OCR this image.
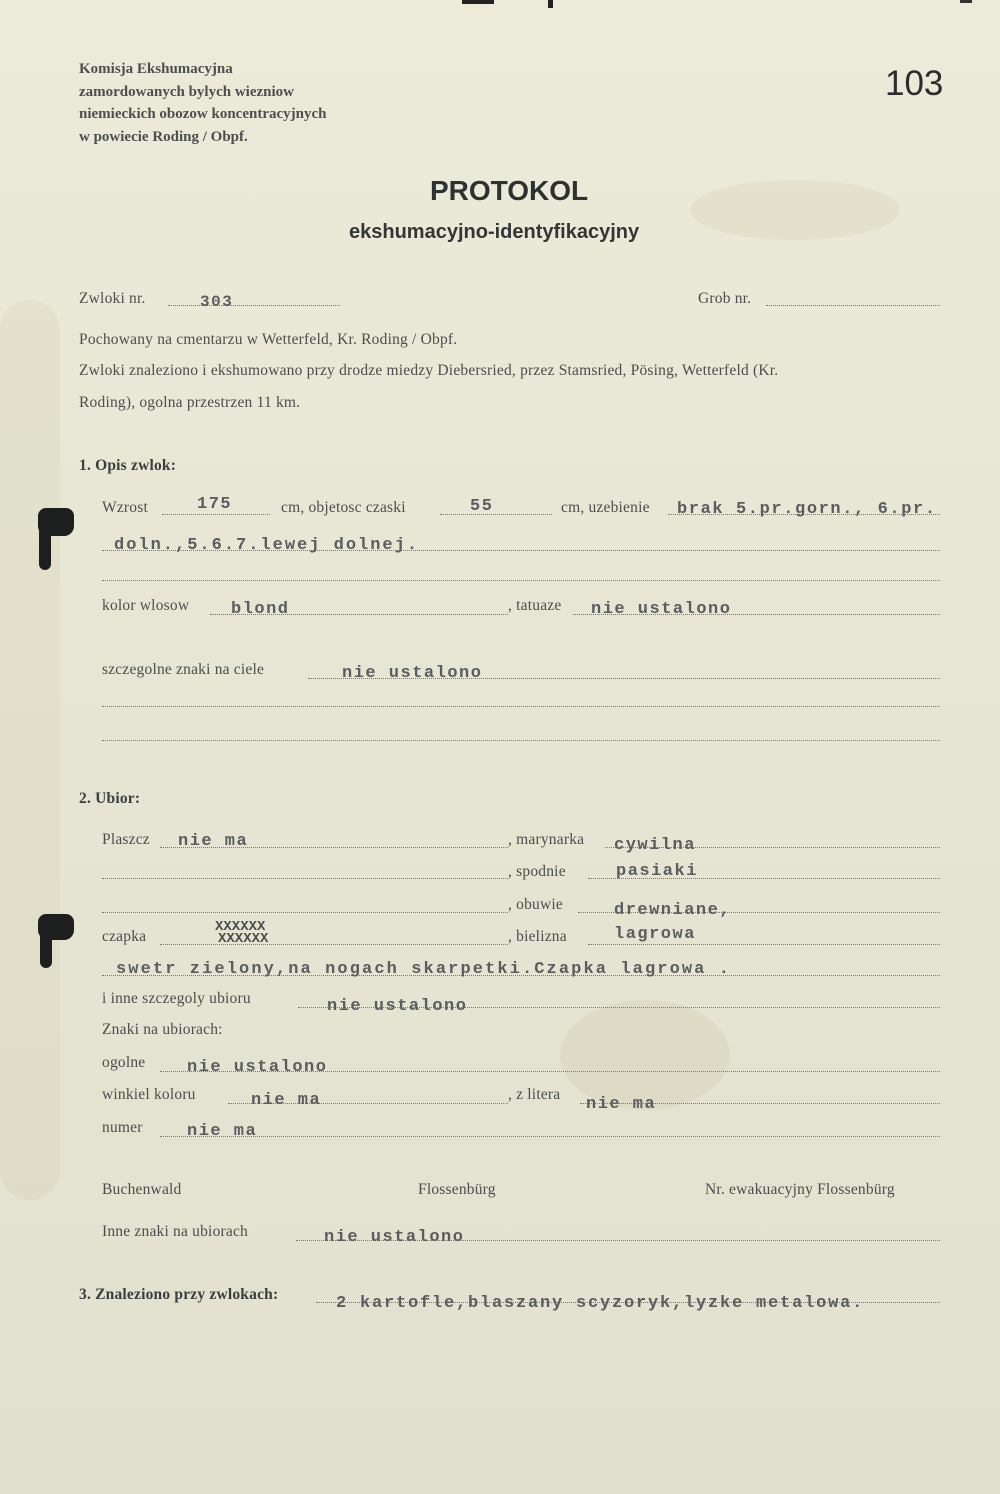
Komisja Ekshumacyjna
zamordowanych bylych wiezniow
niemieckich obozow koncentracyjnych
w powiecie Roding / Obpf.
103
PROTOKOL
ekshumacyjno-identyfikacyjny
Zwloki nr.	303	Grob nr.
Pochowany na cmentarzu w Wetterfeld, Kr. Roding / Obpf.
Zwloki znaleziono i ekshumowano przy drodze miedzy Diebersried, przez Stamsried, Pösing, Wetterfeld (Kr.
Roding), ogolna przestrzen 11 km.
1. Opis zwlok:
Wzrost	175	cm, objetosc czaski	55	cm, uzebienie brak 5.pr.gorn., 6.pr.
doln.,5.6.7.lewej dolnej.
kolor wlosow blond	, tatuaze nie ustalono
szczegolne znaki na ciele	nie ustalono
2. Ubior:
Plaszcz nie ma	, marynarka cywilna
, spodnie	pasiaki
, obuwie	drewniane,
czapka
XXXXXX
XXXXXX	, bielizna	lagrowa
swetr zielony,na nogach skarpetki.Czapka lagrowa .
i inne szczegoly ubioru	nie ustalono
Znaki na ubiorach:
ogolne nie ustalono
winkiel koloru	nie ma	, z litera
nie ma
numer	nie ma
Buchenwald	Flossenbürg	Nr. ewakuacyjny Flossenbürg
Inne znaki na ubiorach	nie ustalono
3. Znaleziono przy zwlokach:	2 kartofle,blaszany scyzoryk,lyzke metalowa.
